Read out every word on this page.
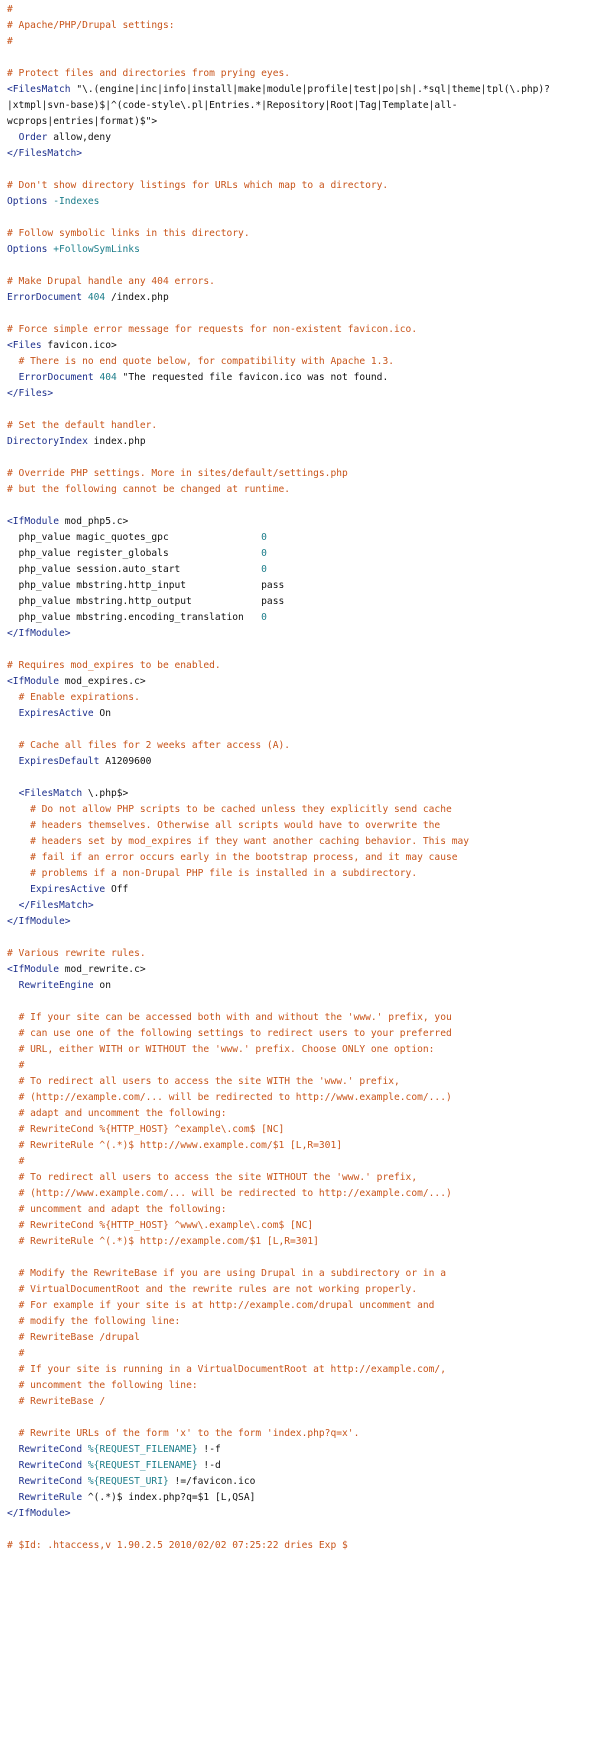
#
# Apache/PHP/Drupal settings:
#
# Protect files and directories from prying eyes.
<FilesMatch "\.(engine|inc|info|install|make|module|profile|test|po|sh|.*sql|theme|tpl(\.php)?
|xtmpl|svn-base)$|^(code-style\.pl|Entries.*|Repository|Root|Tag|Template|all-
wcprops|entries|format)$">
Order allow,deny
</FilesMatch>
# Don't show directory listings for URLs which map to a directory.
Options -Indexes
# Follow symbolic links in this directory.
Options +FollowSymLinks
# Make Drupal handle any 404 errors.
ErrorDocument 404 /index.php
# Force simple error message for requests for non-existent favicon.ico.
<Files favicon.ico>
# There is no end quote below, for compatibility with Apache 1.3.
ErrorDocument 404 "The requested file favicon.ico was not found.
</Files>
# Set the default handler.
DirectoryIndex index.php
# Override PHP settings. More in sites/default/settings.php
# but the following cannot be changed at runtime.
<IfModule mod_php5.c>
php_value magic_quotes_gpc                0
php_value register_globals                0
php_value session.auto_start              0
php_value mbstring.http_input             pass
php_value mbstring.http_output            pass
php_value mbstring.encoding_translation   0
</IfModule>
# Requires mod_expires to be enabled.
<IfModule mod_expires.c>
# Enable expirations.
ExpiresActive On
# Cache all files for 2 weeks after access (A).
ExpiresDefault A1209600
<FilesMatch \.php$>
# Do not allow PHP scripts to be cached unless they explicitly send cache
# headers themselves. Otherwise all scripts would have to overwrite the
# headers set by mod_expires if they want another caching behavior. This may
# fail if an error occurs early in the bootstrap process, and it may cause
# problems if a non-Drupal PHP file is installed in a subdirectory.
ExpiresActive Off
</FilesMatch>
</IfModule>
# Various rewrite rules.
<IfModule mod_rewrite.c>
RewriteEngine on
# If your site can be accessed both with and without the 'www.' prefix, you
# can use one of the following settings to redirect users to your preferred
# URL, either WITH or WITHOUT the 'www.' prefix. Choose ONLY one option:
#
# To redirect all users to access the site WITH the 'www.' prefix,
# (http://example.com/... will be redirected to http://www.example.com/...)
# adapt and uncomment the following:
# RewriteCond %{HTTP_HOST} ^example\.com$ [NC]
# RewriteRule ^(.*)$ http://www.example.com/$1 [L,R=301]
#
# To redirect all users to access the site WITHOUT the 'www.' prefix,
# (http://www.example.com/... will be redirected to http://example.com/...)
# uncomment and adapt the following:
# RewriteCond %{HTTP_HOST} ^www\.example\.com$ [NC]
# RewriteRule ^(.*)$ http://example.com/$1 [L,R=301]
# Modify the RewriteBase if you are using Drupal in a subdirectory or in a
# VirtualDocumentRoot and the rewrite rules are not working properly.
# For example if your site is at http://example.com/drupal uncomment and
# modify the following line:
# RewriteBase /drupal
#
# If your site is running in a VirtualDocumentRoot at http://example.com/,
# uncomment the following line:
# RewriteBase /
# Rewrite URLs of the form 'x' to the form 'index.php?q=x'.
RewriteCond %{REQUEST_FILENAME} !-f
RewriteCond %{REQUEST_FILENAME} !-d
RewriteCond %{REQUEST_URI} !=/favicon.ico
RewriteRule ^(.*)$ index.php?q=$1 [L,QSA]
</IfModule>
# $Id: .htaccess,v 1.90.2.5 2010/02/02 07:25:22 dries Exp $
